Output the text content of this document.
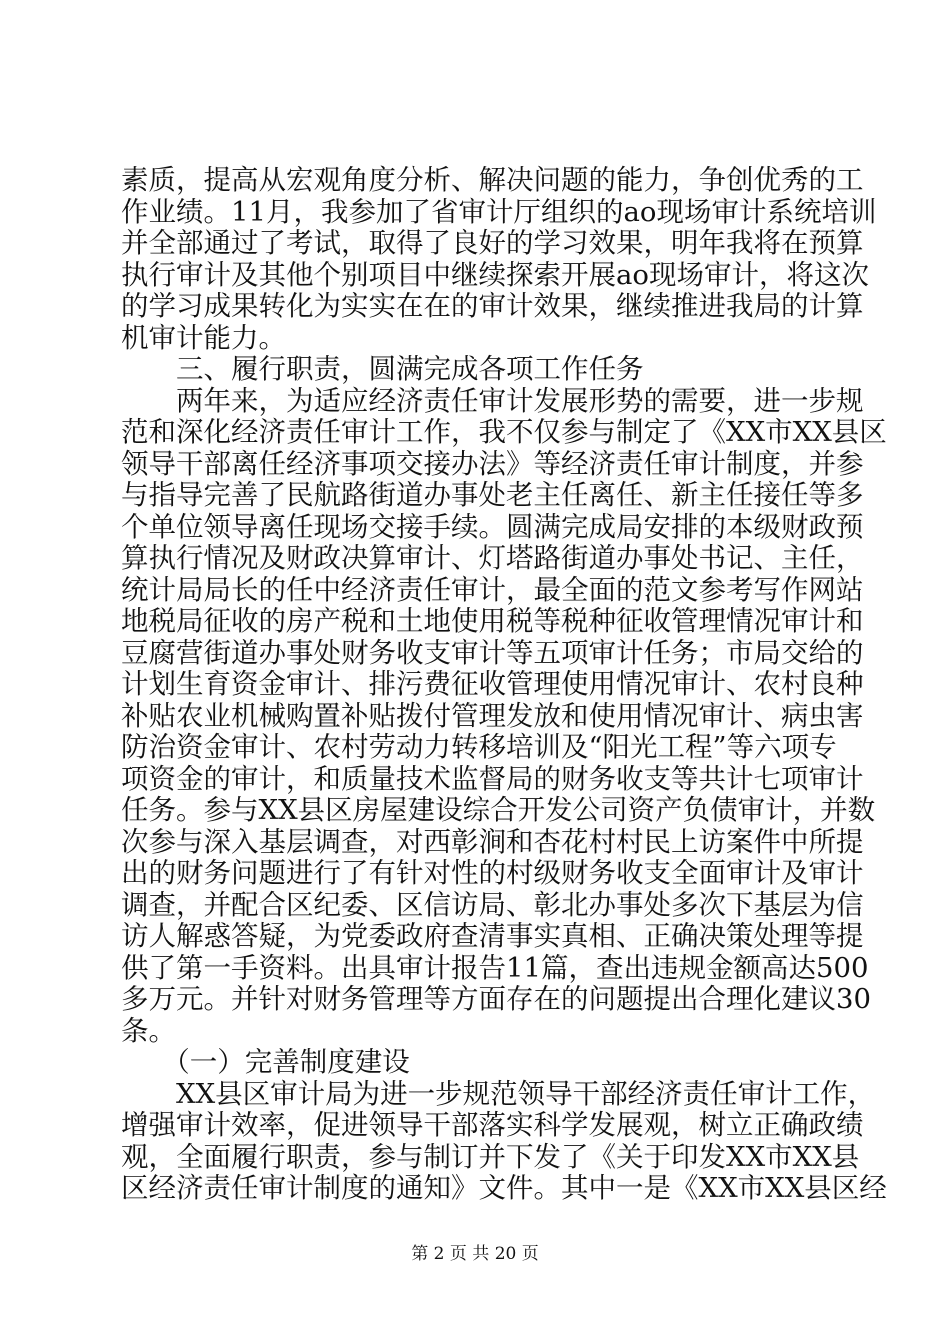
素质，提高从宏观角度分析、解决问题的能力，争创优秀的工
作业绩。11月，我参加了省审计厅组织的ao现场审计系统培训
并全部通过了考试，取得了良好的学习效果，明年我将在预算
执行审计及其他个别项目中继续探索开展ao现场审计，将这次
的学习成果转化为实实在在的审计效果，继续推进我局的计算
机审计能力。
　　三、履行职责，圆满完成各项工作任务
　　两年来，为适应经济责任审计发展形势的需要，进一步规
范和深化经济责任审计工作，我不仅参与制定了《XX市XX县区
领导干部离任经济事项交接办法》等经济责任审计制度，并参
与指导完善了民航路街道办事处老主任离任、新主任接任等多
个单位领导离任现场交接手续。圆满完成局安排的本级财政预
算执行情况及财政决算审计、灯塔路街道办事处书记、主任，
统计局局长的任中经济责任审计，最全面的范文参考写作网站
地税局征收的房产税和土地使用税等税种征收管理情况审计和
豆腐营街道办事处财务收支审计等五项审计任务；市局交给的
计划生育资金审计、排污费征收管理使用情况审计、农村良种
补贴农业机械购置补贴拨付管理发放和使用情况审计、病虫害
防治资金审计、农村劳动力转移培训及“阳光工程”等六项专
项资金的审计，和质量技术监督局的财务收支等共计七项审计
任务。参与XX县区房屋建设综合开发公司资产负债审计，并数
次参与深入基层调查，对西彰涧和杏花村村民上访案件中所提
出的财务问题进行了有针对性的村级财务收支全面审计及审计
调查，并配合区纪委、区信访局、彰北办事处多次下基层为信
访人解惑答疑，为党委政府查清事实真相、正确决策处理等提
供了第一手资料。出具审计报告11篇，查出违规金额高达500
多万元。并针对财务管理等方面存在的问题提出合理化建议30
条。
　　（一）完善制度建设
　　XX县区审计局为进一步规范领导干部经济责任审计工作，
增强审计效率，促进领导干部落实科学发展观，树立正确政绩
观，全面履行职责，参与制订并下发了《关于印发XX市XX县
区经济责任审计制度的通知》文件。其中一是《XX市XX县区经
第 2 页 共 20 页
